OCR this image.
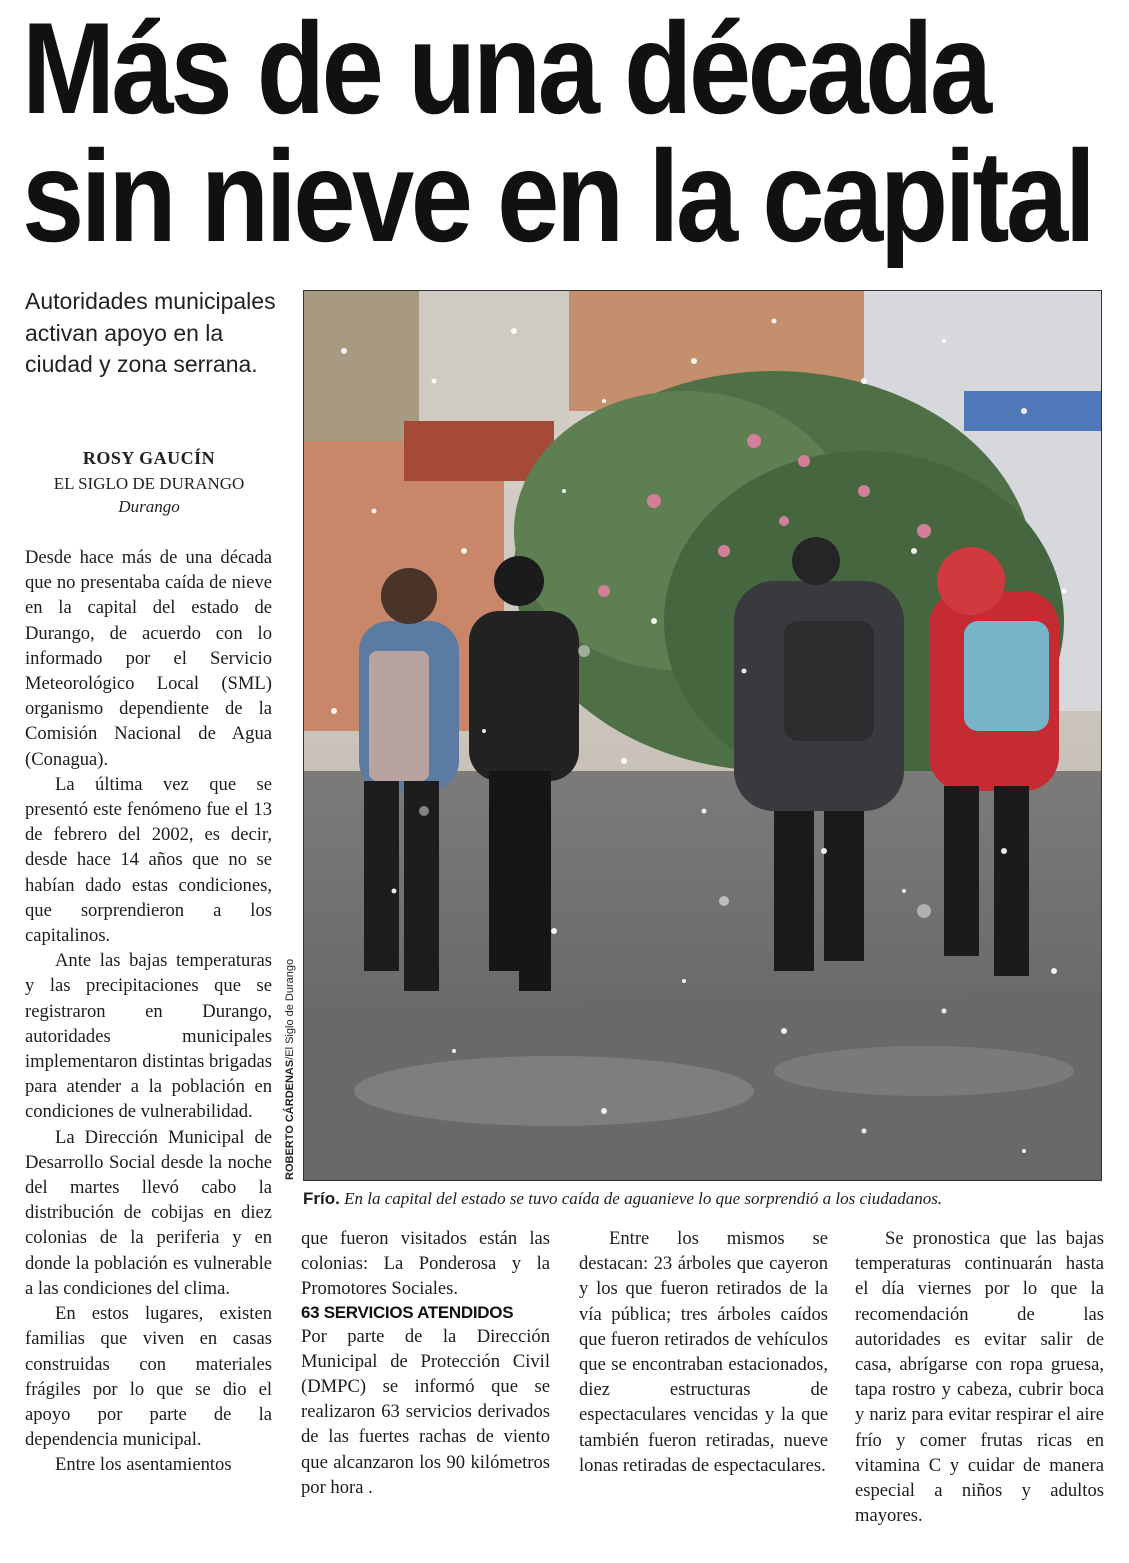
Más de una década
sin nieve en la capital
Autoridades municipales activan apoyo en la ciudad y zona serrana.
ROSY GAUCÍN
EL SIGLO DE DURANGO
Durango

Desde hace más de una década que no presentaba caída de nieve en la capital del estado de Durango, de acuerdo con lo informado por el Servicio Meteorológico Local (SML) organismo dependiente de la Comisión Nacional de Agua (Conagua).

La última vez que se presentó este fenómeno fue el 13 de febrero del 2002, es decir, desde hace 14 años que no se habían dado estas condiciones, que sorprendieron a los capitalinos.

Ante las bajas temperaturas y las precipitaciones que se registraron en Durango, autoridades municipales implementaron distintas brigadas para atender a la población en condiciones de vulnerabilidad.

La Dirección Municipal de Desarrollo Social desde la noche del martes llevó cabo la distribución de cobijas en diez colonias de la periferia y en donde la población es vulnerable a las condiciones del clima.

En estos lugares, existen familias que viven en casas construidas con materiales frágiles por lo que se dio el apoyo por parte de la dependencia municipal.

Entre los asentamientos

ROBERTO CÁRDENAS/El Siglo de Durango
Frío. En la capital del estado se tuvo caída de aguanieve lo que sorprendió a los ciudadanos.

que fueron visitados están las colonias: La Ponderosa y la Promotores Sociales.

63 SERVICIOS ATENDIDOS

Por parte de la Dirección Municipal de Protección Civil (DMPC) se informó que se realizaron 63 servicios derivados de las fuertes rachas de viento que alcanzaron los 90 kilómetros por hora .

Entre los mismos se destacan: 23 árboles que cayeron y los que fueron retirados de la vía pública; tres árboles caídos que fueron retirados de vehículos que se encontraban estacionados, diez estructuras de espectaculares vencidas y la que también fueron retiradas, nueve lonas retiradas de espectaculares.

Se pronostica que las bajas temperaturas continuarán hasta el día viernes por lo que la recomendación de las autoridades es evitar salir de casa, abrígarse con ropa gruesa, tapa rostro y cabeza, cubrir boca y nariz para evitar respirar el aire frío y comer frutas ricas en vitamina C y cuidar de manera especial a niños y adultos mayores.
